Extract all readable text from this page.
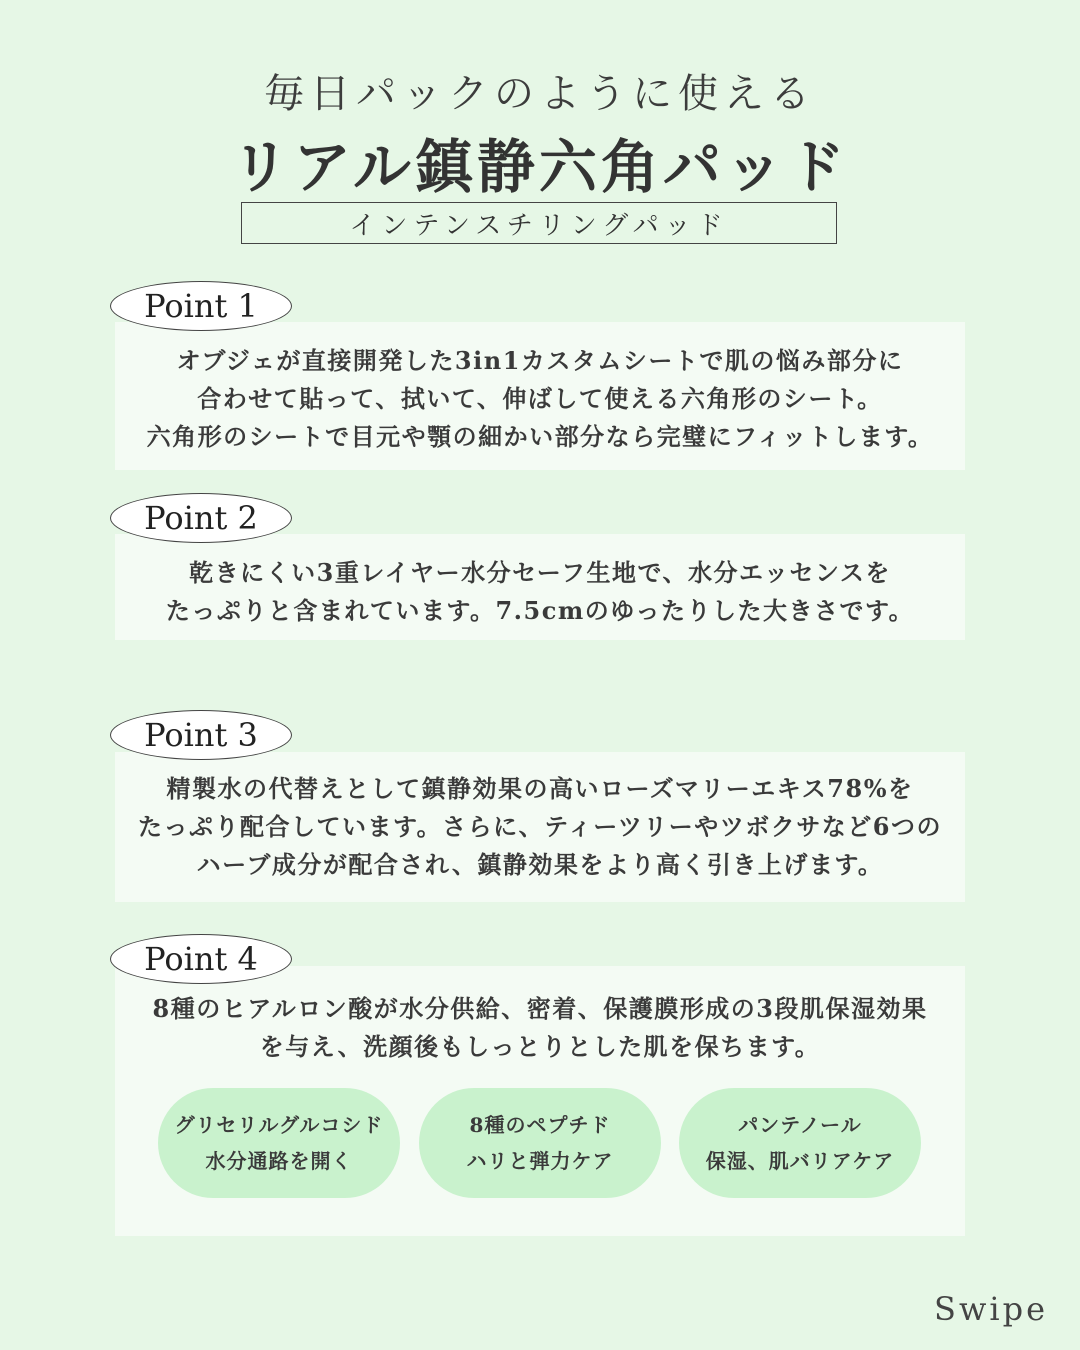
毎日パックのように使える
リアル鎮静六角パッド
インテンスチリングパッド
オブジェが直接開発した3in1カスタムシートで肌の悩み部分に
合わせて貼って、拭いて、伸ばして使える六角形のシート。
六角形のシートで目元や顎の細かい部分なら完璧にフィットします。
Point 1
乾きにくい3重レイヤー水分セーフ生地で、水分エッセンスを
たっぷりと含まれています。7.5cmのゆったりした大きさです。
Point 2
精製水の代替えとして鎮静効果の高いローズマリーエキス78%を
たっぷり配合しています。さらに、ティーツリーやツボクサなど6つの
ハーブ成分が配合され、鎮静効果をより高く引き上げます。
Point 3
8種のヒアルロン酸が水分供給、密着、保護膜形成の3段肌保湿効果
を与え、洗顔後もしっとりとした肌を保ちます。
Point 4
グリセリルグルコシド
水分通路を開く
8種のペプチド
ハリと弾力ケア
パンテノール
保湿、肌バリアケア
Swipe
